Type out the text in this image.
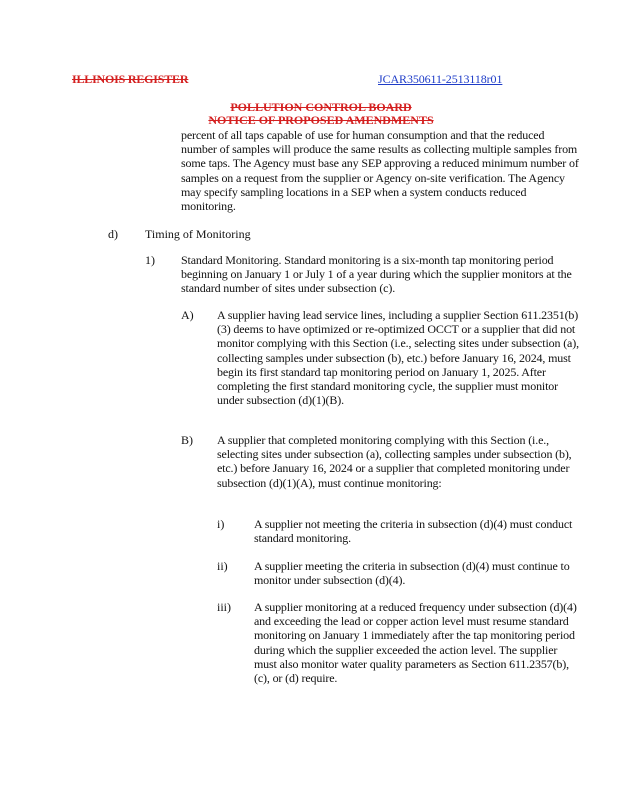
ILLINOIS REGISTER	JCAR350611-2513118r01
POLLUTION CONTROL BOARD
NOTICE OF PROPOSED AMENDMENTS

percent of all taps capable of use for human consumption and that the reduced number of samples will produce the same results as collecting multiple samples from some taps. The Agency must base any SEP approving a reduced minimum number of samples on a request from the supplier or Agency on-site verification. The Agency may specify sampling locations in a SEP when a system conducts reduced monitoring.

d) Timing of Monitoring
1) Standard Monitoring. Standard monitoring is a six-month tap monitoring period beginning on January 1 or July 1 of a year during which the supplier monitors at the standard number of sites under subsection (c).

A) A supplier having lead service lines, including a supplier Section 611.2351(b)(3) deems to have optimized or re-optimized OCCT or a supplier that did not monitor complying with this Section (i.e., selecting sites under subsection (a), collecting samples under subsection (b), etc.) before January 16, 2024, must begin its first standard tap monitoring period on January 1, 2025. After completing the first standard monitoring cycle, the supplier must monitor under subsection (d)(1)(B).

B) A supplier that completed monitoring complying with this Section (i.e., selecting sites under subsection (a), collecting samples under subsection (b), etc.) before January 16, 2024 or a supplier that completed monitoring under subsection (d)(1)(A), must continue monitoring:

i) A supplier not meeting the criteria in subsection (d)(4) must conduct standard monitoring.

ii) A supplier meeting the criteria in subsection (d)(4) must continue to monitor under subsection (d)(4).

iii) A supplier monitoring at a reduced frequency under subsection (d)(4) and exceeding the lead or copper action level must resume standard monitoring on January 1 immediately after the tap monitoring period during which the supplier exceeded the action level. The supplier must also monitor water quality parameters as Section 611.2357(b), (c), or (d) require.
